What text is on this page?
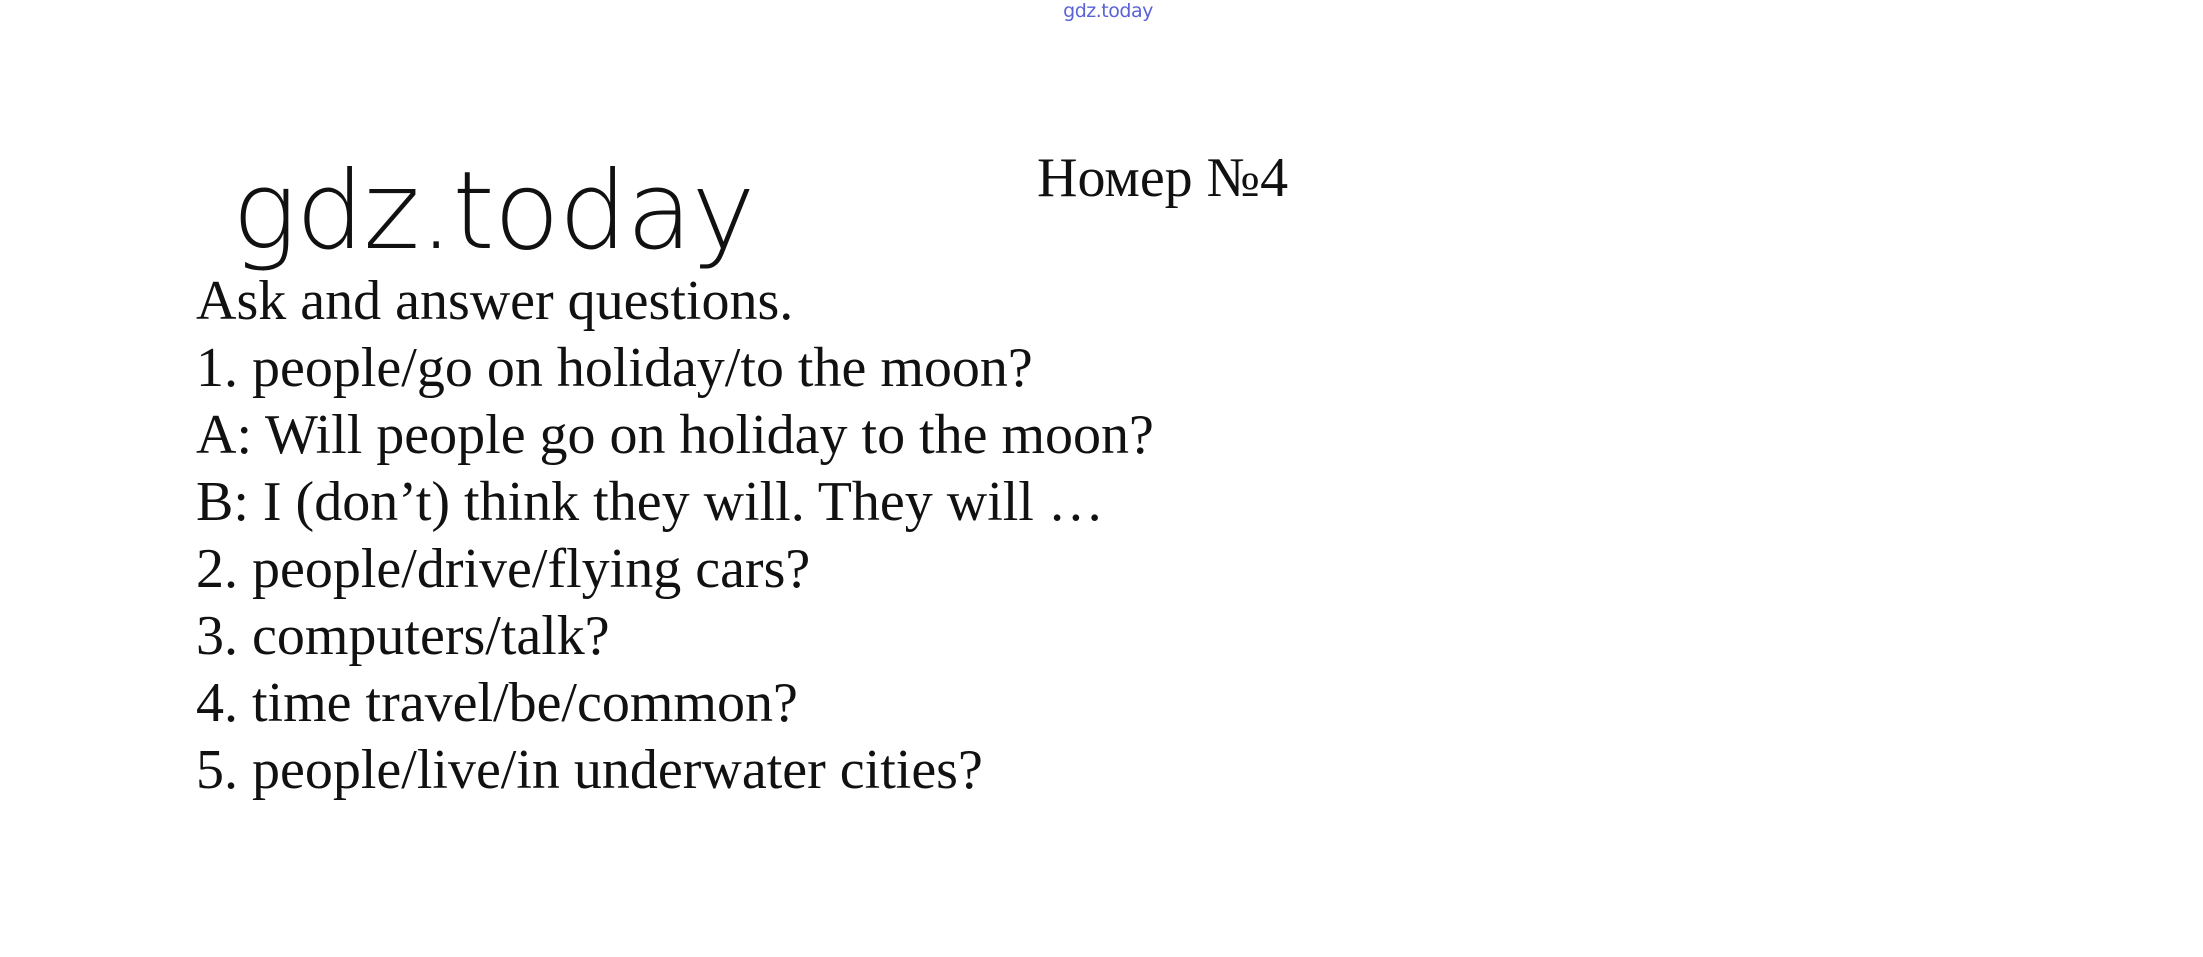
gdz.today
gdz.today	Номер №4
Ask and answer questions.
1. people/go on holiday/to the moon?
A: Will people go on holiday to the moon?
B: I (don’t) think they will. They will …
2. people/drive/flying cars?
3. computers/talk?
4. time travel/be/common?
5. people/live/in underwater cities?
